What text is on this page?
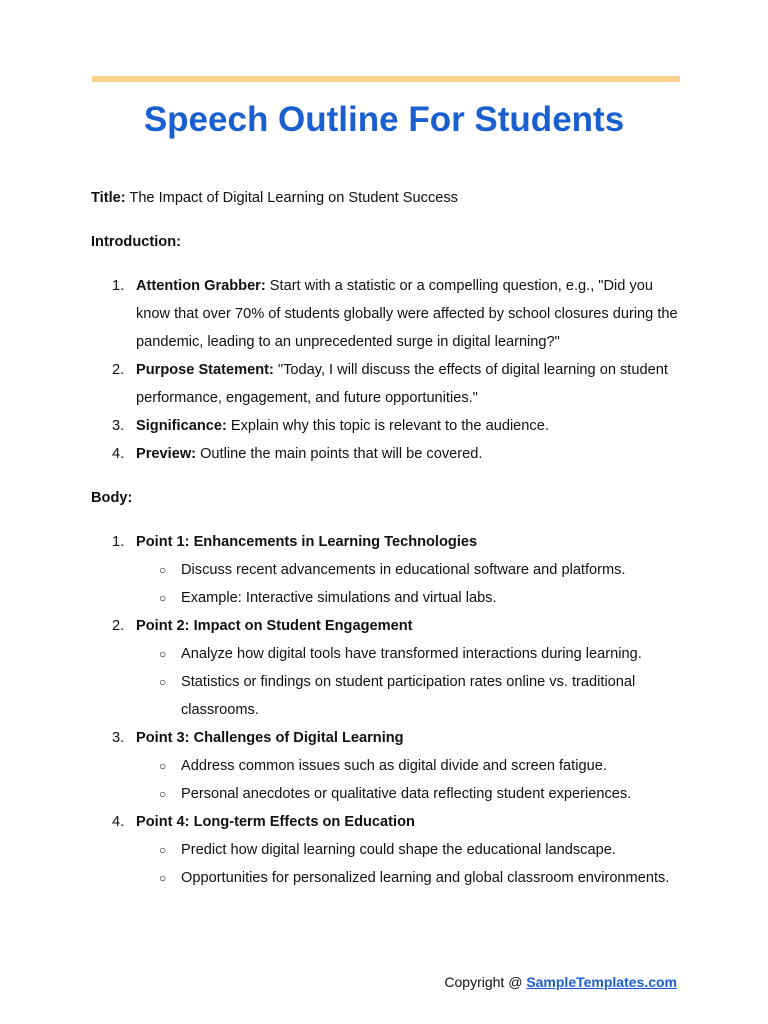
Speech Outline For Students

Title: The Impact of Digital Learning on Student Success

Introduction:

1. Attention Grabber: Start with a statistic or a compelling question, e.g., "Did you know that over 70% of students globally were affected by school closures during the pandemic, leading to an unprecedented surge in digital learning?"
2. Purpose Statement: "Today, I will discuss the effects of digital learning on student performance, engagement, and future opportunities."
3. Significance: Explain why this topic is relevant to the audience.
4. Preview: Outline the main points that will be covered.

Body:

1. Point 1: Enhancements in Learning Technologies
○ Discuss recent advancements in educational software and platforms.
○ Example: Interactive simulations and virtual labs.
2. Point 2: Impact on Student Engagement
○ Analyze how digital tools have transformed interactions during learning.
○ Statistics or findings on student participation rates online vs. traditional classrooms.
3. Point 3: Challenges of Digital Learning
○ Address common issues such as digital divide and screen fatigue.
○ Personal anecdotes or qualitative data reflecting student experiences.
4. Point 4: Long-term Effects on Education
○ Predict how digital learning could shape the educational landscape.
○ Opportunities for personalized learning and global classroom environments.
Copyright @ SampleTemplates.com
